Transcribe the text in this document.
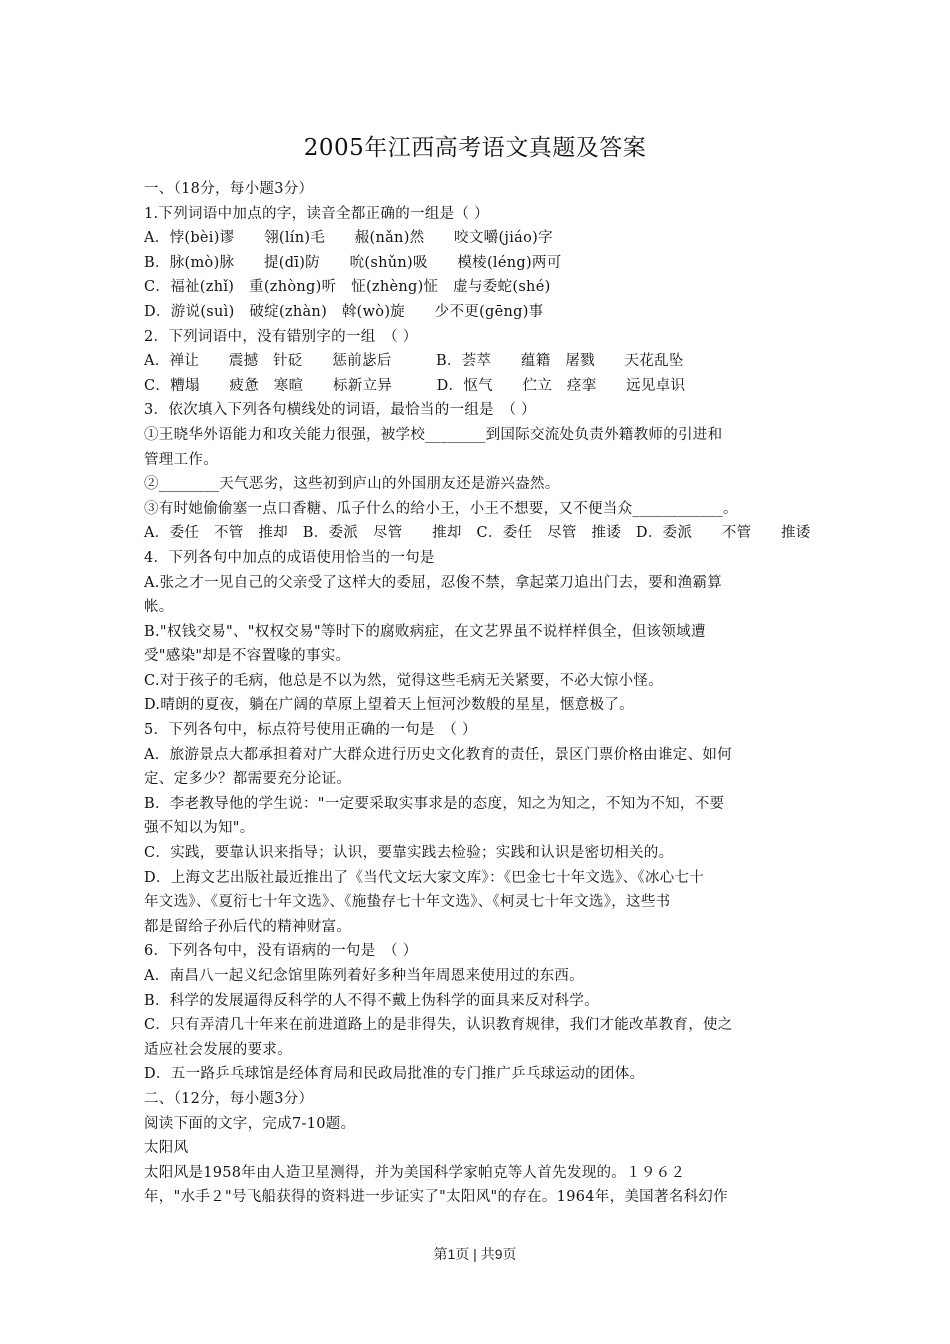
2005年江西高考语文真题及答案
一、（18分，每小题3分）
1.下列词语中加点的字，读音全都正确的一组是（ ）
A．悖(bèi)谬　　翎(lín)毛　　赧(nǎn)然　　咬文嚼(jiáo)字
B．脉(mò)脉　　提(dī)防　　吮(shǔn)吸　　模棱(léng)两可
C．福祉(zhǐ)　重(zhòng)听　怔(zhèng)怔　虚与委蛇(shé)
D．游说(suì)　破绽(zhàn)　斡(wò)旋　　少不更(gēng)事
2．下列词语中，没有错别字的一组　（ ）
A．禅让　　震撼　针砭　　惩前毖后　　　B．荟萃　　蕴籍　屠戮　　天花乱坠
C．糟塌　　疲惫　寒暄　　标新立异　　　D．怄气　　伫立　痉挛　　远见卓识
3．依次填入下列各句横线处的词语，最恰当的一组是　（ ）
①王晓华外语能力和攻关能力很强，被学校________到国际交流处负责外籍教师的引进和
管理工作。
②________天气恶劣，这些初到庐山的外国朋友还是游兴盎然。
③有时她偷偷塞一点口香糖、瓜子什么的给小王，小王不想要，又不便当众____________。
A．委任　不管　推却　B．委派　尽管　　推却　C．委任　尽管　推诿　D．委派　　不管　　推诿
4．下列各句中加点的成语使用恰当的一句是
A.张之才一见自己的父亲受了这样大的委屈，忍俊不禁，拿起菜刀追出门去，要和渔霸算
帐。
B."权钱交易"、"权权交易"等时下的腐败病症，在文艺界虽不说样样俱全，但该领域遭
受"感染"却是不容置喙的事实。
C.对于孩子的毛病，他总是不以为然，觉得这些毛病无关紧要，不必大惊小怪。
D.晴朗的夏夜，躺在广阔的草原上望着天上恒河沙数般的星星，惬意极了。
5．下列各句中，标点符号使用正确的一句是　（ ）
A．旅游景点大都承担着对广大群众进行历史文化教育的责任，景区门票价格由谁定、如何
定、定多少？都需要充分论证。
B．李老教导他的学生说："一定要采取实事求是的态度，知之为知之，不知为不知，不要
强不知以为知"。
C．实践，要靠认识来指导；认识，要靠实践去检验；实践和认识是密切相关的。
D．上海文艺出版社最近推出了《当代文坛大家文库》：《巴金七十年文选》、《冰心七十
年文选》、《夏衍七十年文选》、《施蛰存七十年文选》、《柯灵七十年文选》，这些书
都是留给子孙后代的精神财富。
6．下列各句中，没有语病的一句是　（ ）
A．南昌八一起义纪念馆里陈列着好多种当年周恩来使用过的东西。
B．科学的发展逼得反科学的人不得不戴上伪科学的面具来反对科学。
C．只有弄清几十年来在前进道路上的是非得失，认识教育规律，我们才能改革教育，使之
适应社会发展的要求。
D．五一路乒乓球馆是经体育局和民政局批准的专门推广乒乓球运动的团体。
二、（12分，每小题3分）
阅读下面的文字，完成7-10题。
太阳风
太阳风是1958年由人造卫星测得，并为美国科学家帕克等人首先发现的。１９６２
年，"水手２"号飞船获得的资料进一步证实了"太阳风"的存在。1964年，美国著名科幻作
第1页 | 共9页
